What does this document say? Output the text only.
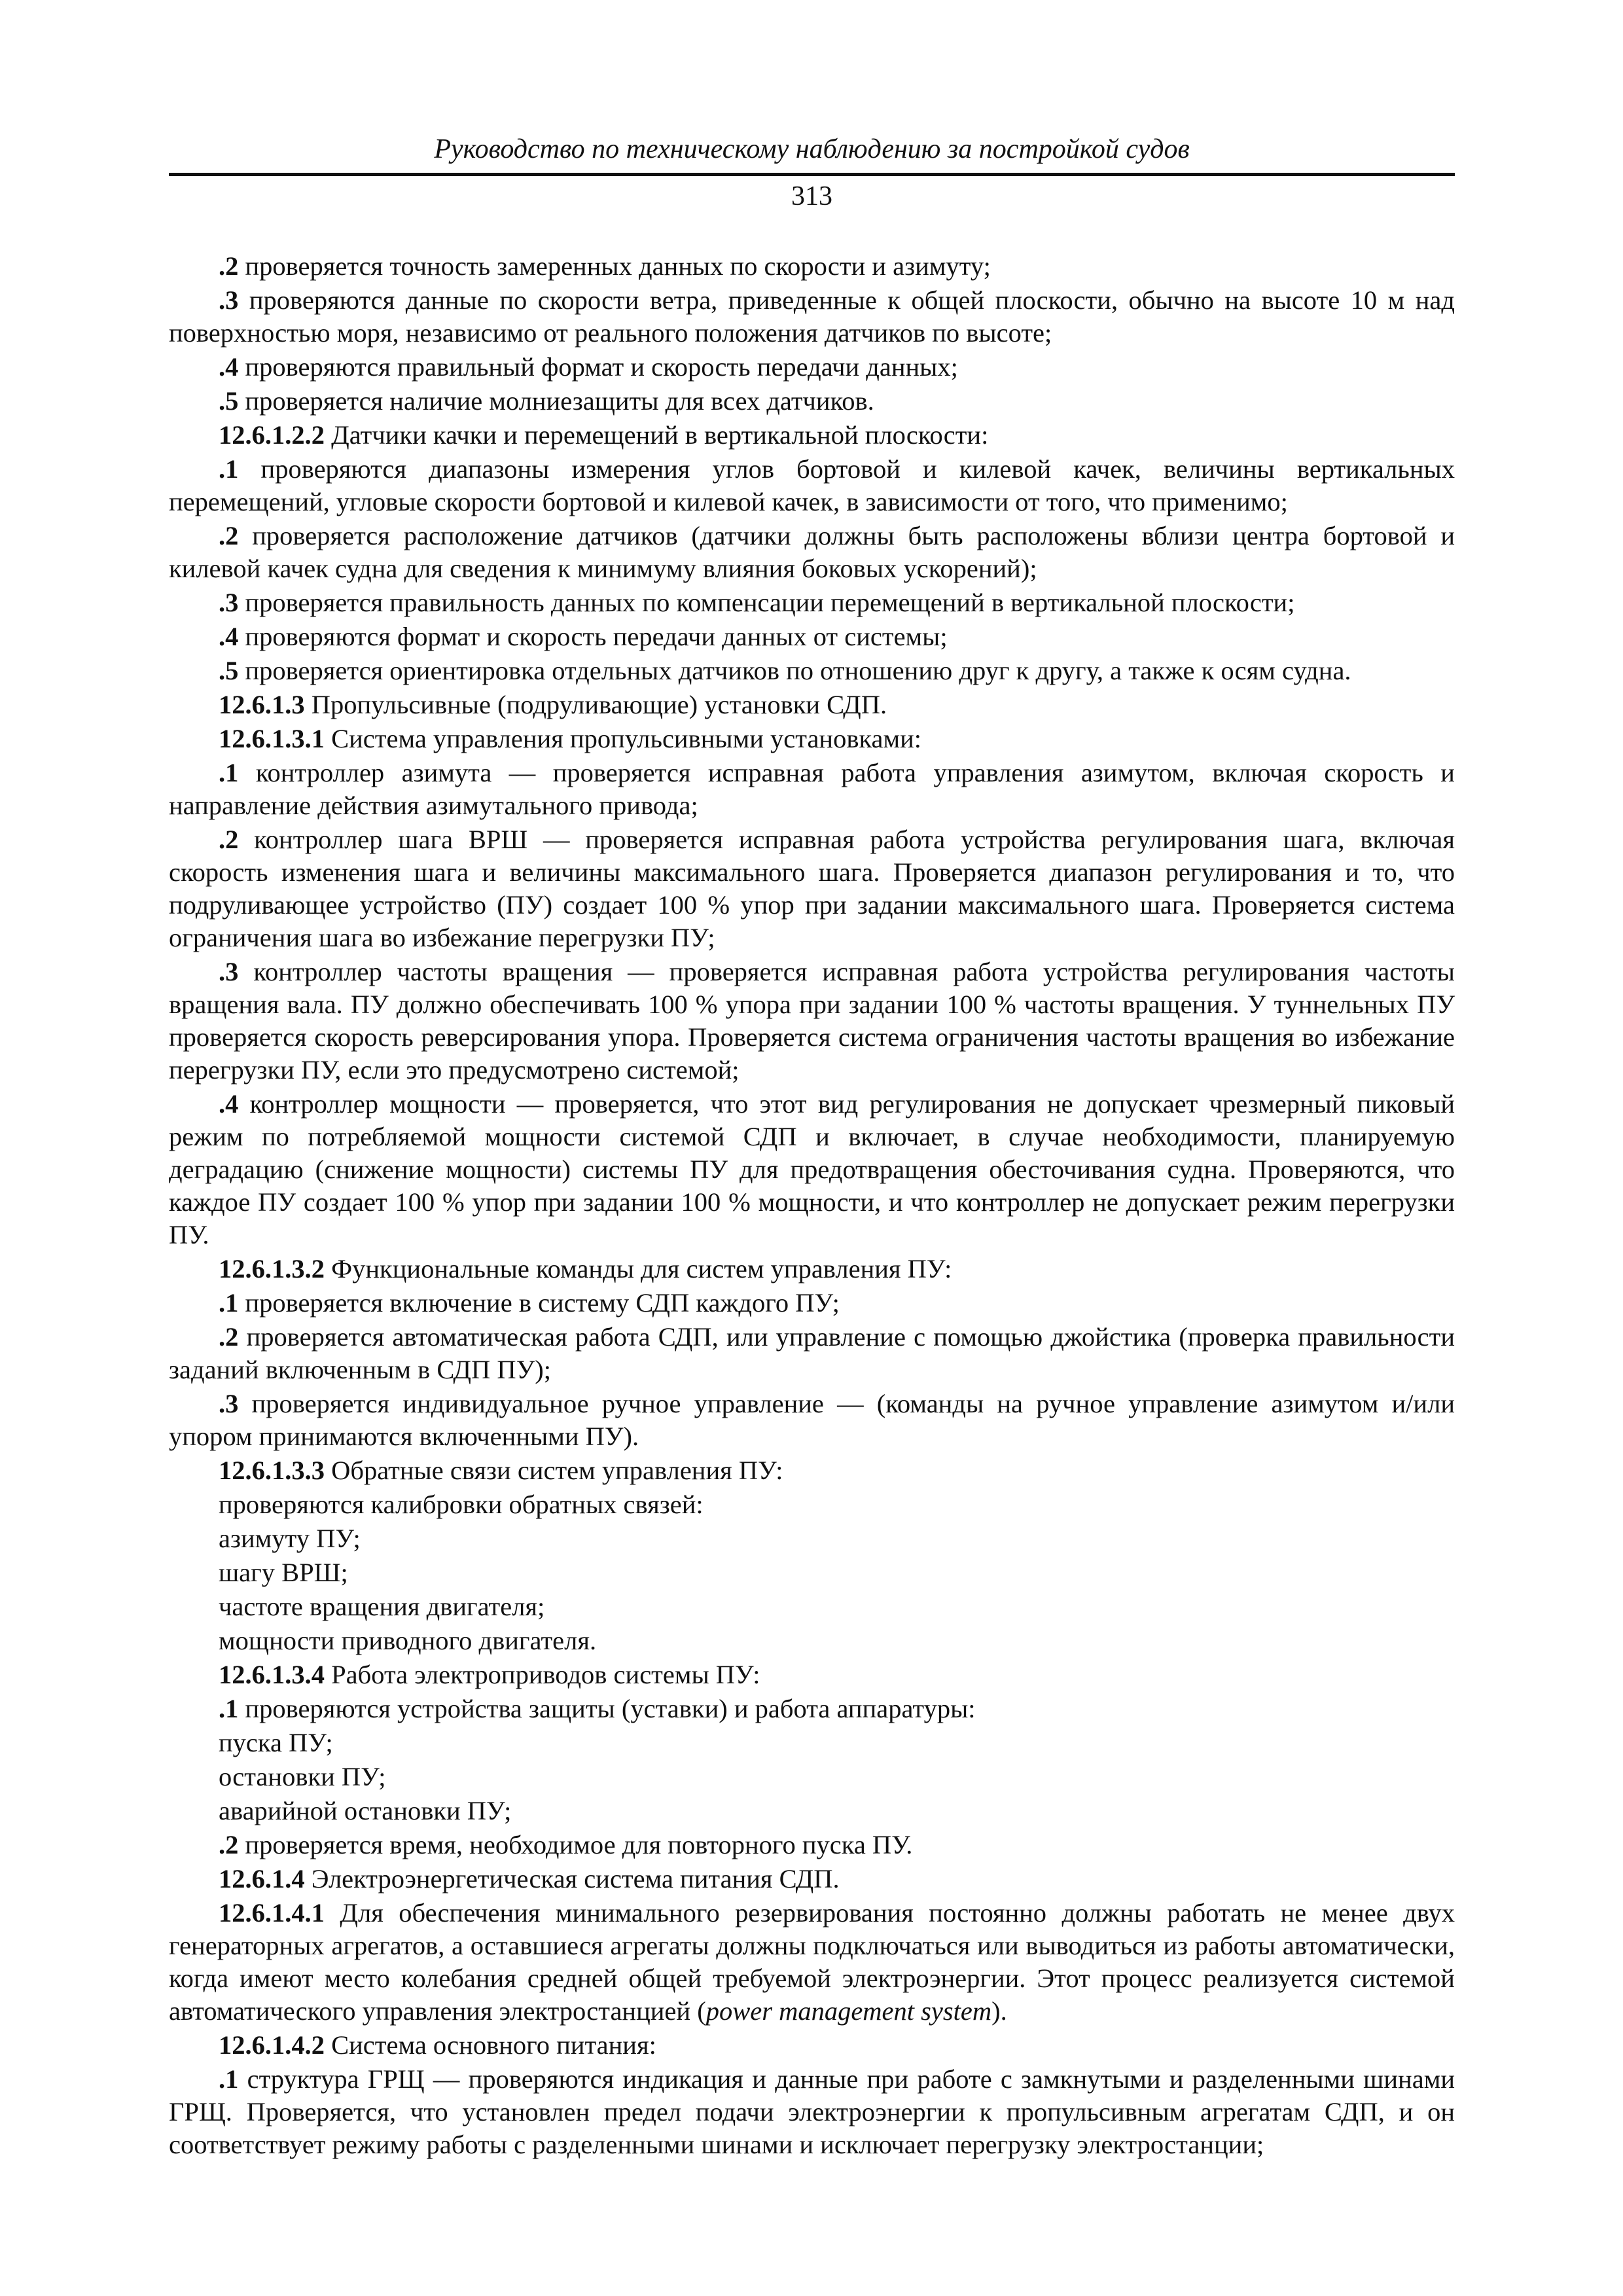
Руководство по техническому наблюдению за постройкой судов
313

.2 проверяется точность замеренных данных по скорости и азимуту;

.3 проверяются данные по скорости ветра, приведенные к общей плоскости, обычно на высоте 10 м над поверхностью моря, независимо от реального положения датчиков по высоте;

.4 проверяются правильный формат и скорость передачи данных;

.5 проверяется наличие молниезащиты для всех датчиков.

12.6.1.2.2 Датчики качки и перемещений в вертикальной плоскости:

.1 проверяются диапазоны измерения углов бортовой и килевой качек, величины вертикальных перемещений, угловые скорости бортовой и килевой качек, в зависимости от того, что применимо;

.2 проверяется расположение датчиков (датчики должны быть расположены вблизи центра бортовой и килевой качек судна для сведения к минимуму влияния боковых ускорений);

.3 проверяется правильность данных по компенсации перемещений в вертикальной плоскости;

.4 проверяются формат и скорость передачи данных от системы;

.5 проверяется ориентировка отдельных датчиков по отношению друг к другу, а также к осям судна.

12.6.1.3 Пропульсивные (подруливающие) установки СДП.

12.6.1.3.1 Система управления пропульсивными установками:

.1 контроллер азимута — проверяется исправная работа управления азимутом, включая скорость и направление действия азимутального привода;

.2 контроллер шага ВРШ — проверяется исправная работа устройства регулирования шага, включая скорость изменения шага и величины максимального шага. Проверяется диапазон регулирования и то, что подруливающее устройство (ПУ) создает 100 % упор при задании максимального шага. Проверяется система ограничения шага во избежание перегрузки ПУ;

.3 контроллер частоты вращения — проверяется исправная работа устройства регулирования частоты вращения вала. ПУ должно обеспечивать 100 % упора при задании 100 % частоты вращения. У туннельных ПУ проверяется скорость реверсирования упора. Проверяется система ограничения частоты вращения во избежание перегрузки ПУ, если это предусмотрено системой;

.4 контроллер мощности — проверяется, что этот вид регулирования не допускает чрезмерный пиковый режим по потребляемой мощности системой СДП и включает, в случае необходимости, планируемую деградацию (снижение мощности) системы ПУ для предотвращения обесточивания судна. Проверяются, что каждое ПУ создает 100 % упор при задании 100 % мощности, и что контроллер не допускает режим перегрузки ПУ.

12.6.1.3.2 Функциональные команды для систем управления ПУ:

.1 проверяется включение в систему СДП каждого ПУ;

.2 проверяется автоматическая работа СДП, или управление с помощью джойстика (проверка правильности заданий включенным в СДП ПУ);

.3 проверяется индивидуальное ручное управление — (команды на ручное управление азимутом и/или упором принимаются включенными ПУ).

12.6.1.3.3 Обратные связи систем управления ПУ:

проверяются калибровки обратных связей:

азимуту ПУ;

шагу ВРШ;

частоте вращения двигателя;

мощности приводного двигателя.

12.6.1.3.4 Работа электроприводов системы ПУ:

.1 проверяются устройства защиты (уставки) и работа аппаратуры:

пуска ПУ;

остановки ПУ;

аварийной остановки ПУ;

.2 проверяется время, необходимое для повторного пуска ПУ.

12.6.1.4 Электроэнергетическая система питания СДП.

12.6.1.4.1 Для обеспечения минимального резервирования постоянно должны работать не менее двух генераторных агрегатов, а оставшиеся агрегаты должны подключаться или выводиться из работы автоматически, когда имеют место колебания средней общей требуемой электроэнергии. Этот процесс реализуется системой автоматического управления электростанцией (power management system).

12.6.1.4.2 Система основного питания:

.1 структура ГРЩ — проверяются индикация и данные при работе с замкнутыми и разделенными шинами ГРЩ. Проверяется, что установлен предел подачи электроэнергии к пропульсивным агрегатам СДП, и он соответствует режиму работы с разделенными шинами и исключает перегрузку электростанции;
